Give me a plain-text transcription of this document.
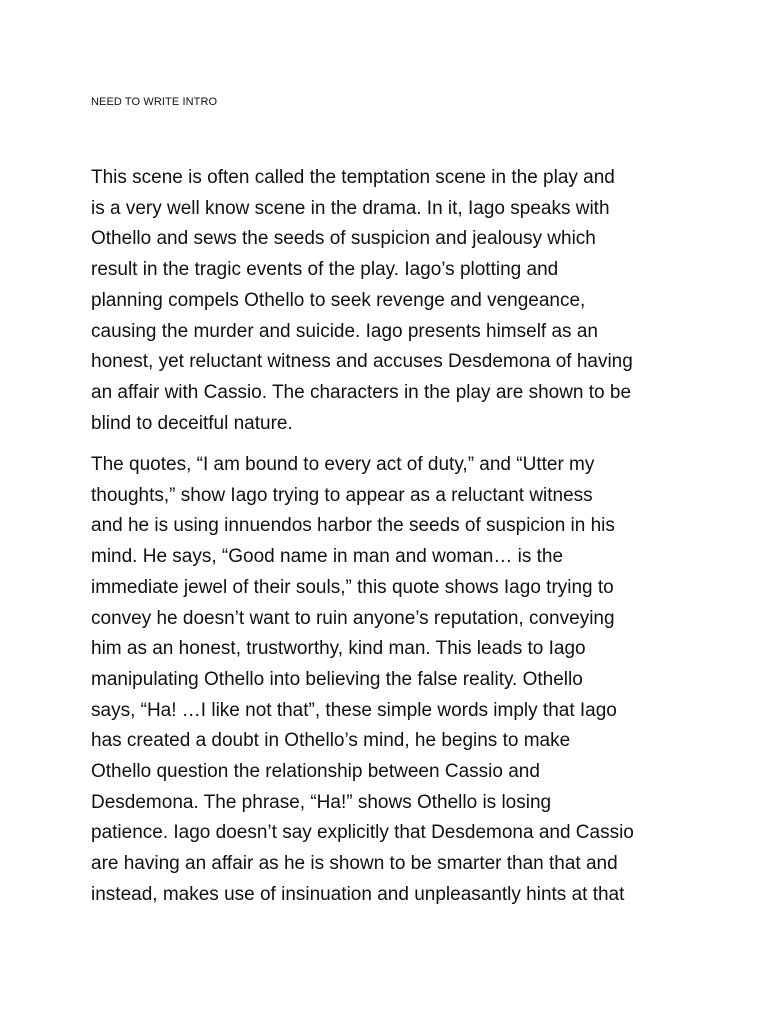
NEED TO WRITE INTRO

This scene is often called the temptation scene in the play and
is a very well know scene in the drama. In it, Iago speaks with
Othello and sews the seeds of suspicion and jealousy which
result in the tragic events of the play. Iago’s plotting and
planning compels Othello to seek revenge and vengeance,
causing the murder and suicide. Iago presents himself as an
honest, yet reluctant witness and accuses Desdemona of having
an affair with Cassio. The characters in the play are shown to be
blind to deceitful nature.

The quotes, “I am bound to every act of duty,” and “Utter my
thoughts,” show Iago trying to appear as a reluctant witness
and he is using innuendos harbor the seeds of suspicion in his
mind. He says, “Good name in man and woman… is the
immediate jewel of their souls,” this quote shows Iago trying to
convey he doesn’t want to ruin anyone’s reputation, conveying
him as an honest, trustworthy, kind man. This leads to Iago
manipulating Othello into believing the false reality. Othello
says, “Ha! …I like not that”, these simple words imply that Iago
has created a doubt in Othello’s mind, he begins to make
Othello question the relationship between Cassio and
Desdemona. The phrase, “Ha!” shows Othello is losing
patience. Iago doesn’t say explicitly that Desdemona and Cassio
are having an affair as he is shown to be smarter than that and
instead, makes use of insinuation and unpleasantly hints at that
